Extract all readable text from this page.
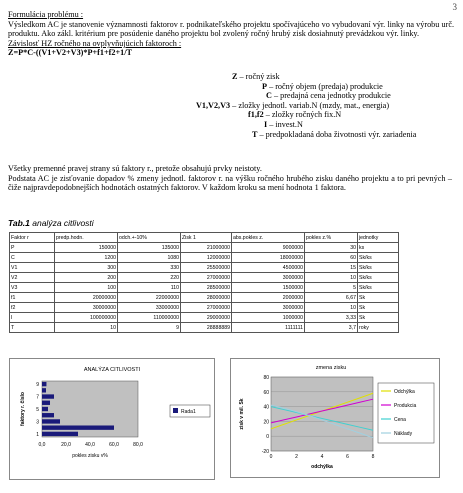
3

Formulácia problému :

Výsledkom AC je stanovenie významnosti faktorov r. podnikateľského projektu spočívajúceho vo vybudovaní výr. linky na výrobu urč. produktu. Ako zákl. kritérium pre posúdenie daného projektu bol zvolený ročný hrubý zisk dosiahnutý prevádzkou výr. linky.

Závislosť HZ ročného na ovplyvňujúcich faktoroch :

Z=P*C-((V1+V2+V3)*P+f1+f2+1/T

Z – ročný zisk
P – ročný objem (predaja) produkcie
C – predajná cena jednotky produkcie
V1,V2,V3 – zložky jednotl. variab.N (mzdy, mat., energia)
f1,f2 – zložky ročných fix.N
I – invest.N
T – predpokladaná doba životnosti výr. zariadenia

Všetky premenné pravej strany sú faktory r., pretože obsahujú prvky neistoty.

Podstata AC je zisťovanie dopadov % zmeny jednotl. faktorov r. na výšku ročného hrubého zisku daného projektu a to pri pevných – čiže najpravdepodobnejších hodnotách ostatných faktorov. V každom kroku sa mení hodnota 1 faktora.

Tab.1 analýza citlivosti
Faktor r	predp.hodn.	odch.+-10%	Zisk 1	abs.pokles z.	pokles z.%	jednotky
P	150000	135000	21000000	9000000	30	ks
C	1200	1080	12000000	18000000	60	Sk/ks
V1	300	330	25500000	4500000	15	Sk/ks
V2	200	220	27000000	3000000	10	Sk/ks
V3	100	110	28500000	1500000	5	Sk/ks
f1	20000000	22000000	28000000	2000000	6,67	Sk
f2	30000000	33000000	27000000	3000000	10	Sk
I	100000000	110000000	29000000	1000000	3,33	Sk
T	10	9	28888889	1111111	3,7	roky
ANALÝZA CITLIVOSTI
1
3
5
7
9
0,0	20,0	40,0	60,0	80,0
pokles zisku v%
faktory r. číslo	Rada1
zmena zisku
-20
0
20
40
60
80
0	2	4	6	8
Odchýlka
Produkcia
Cena
Náklady
odchýlka
zisk v mil. Sk
